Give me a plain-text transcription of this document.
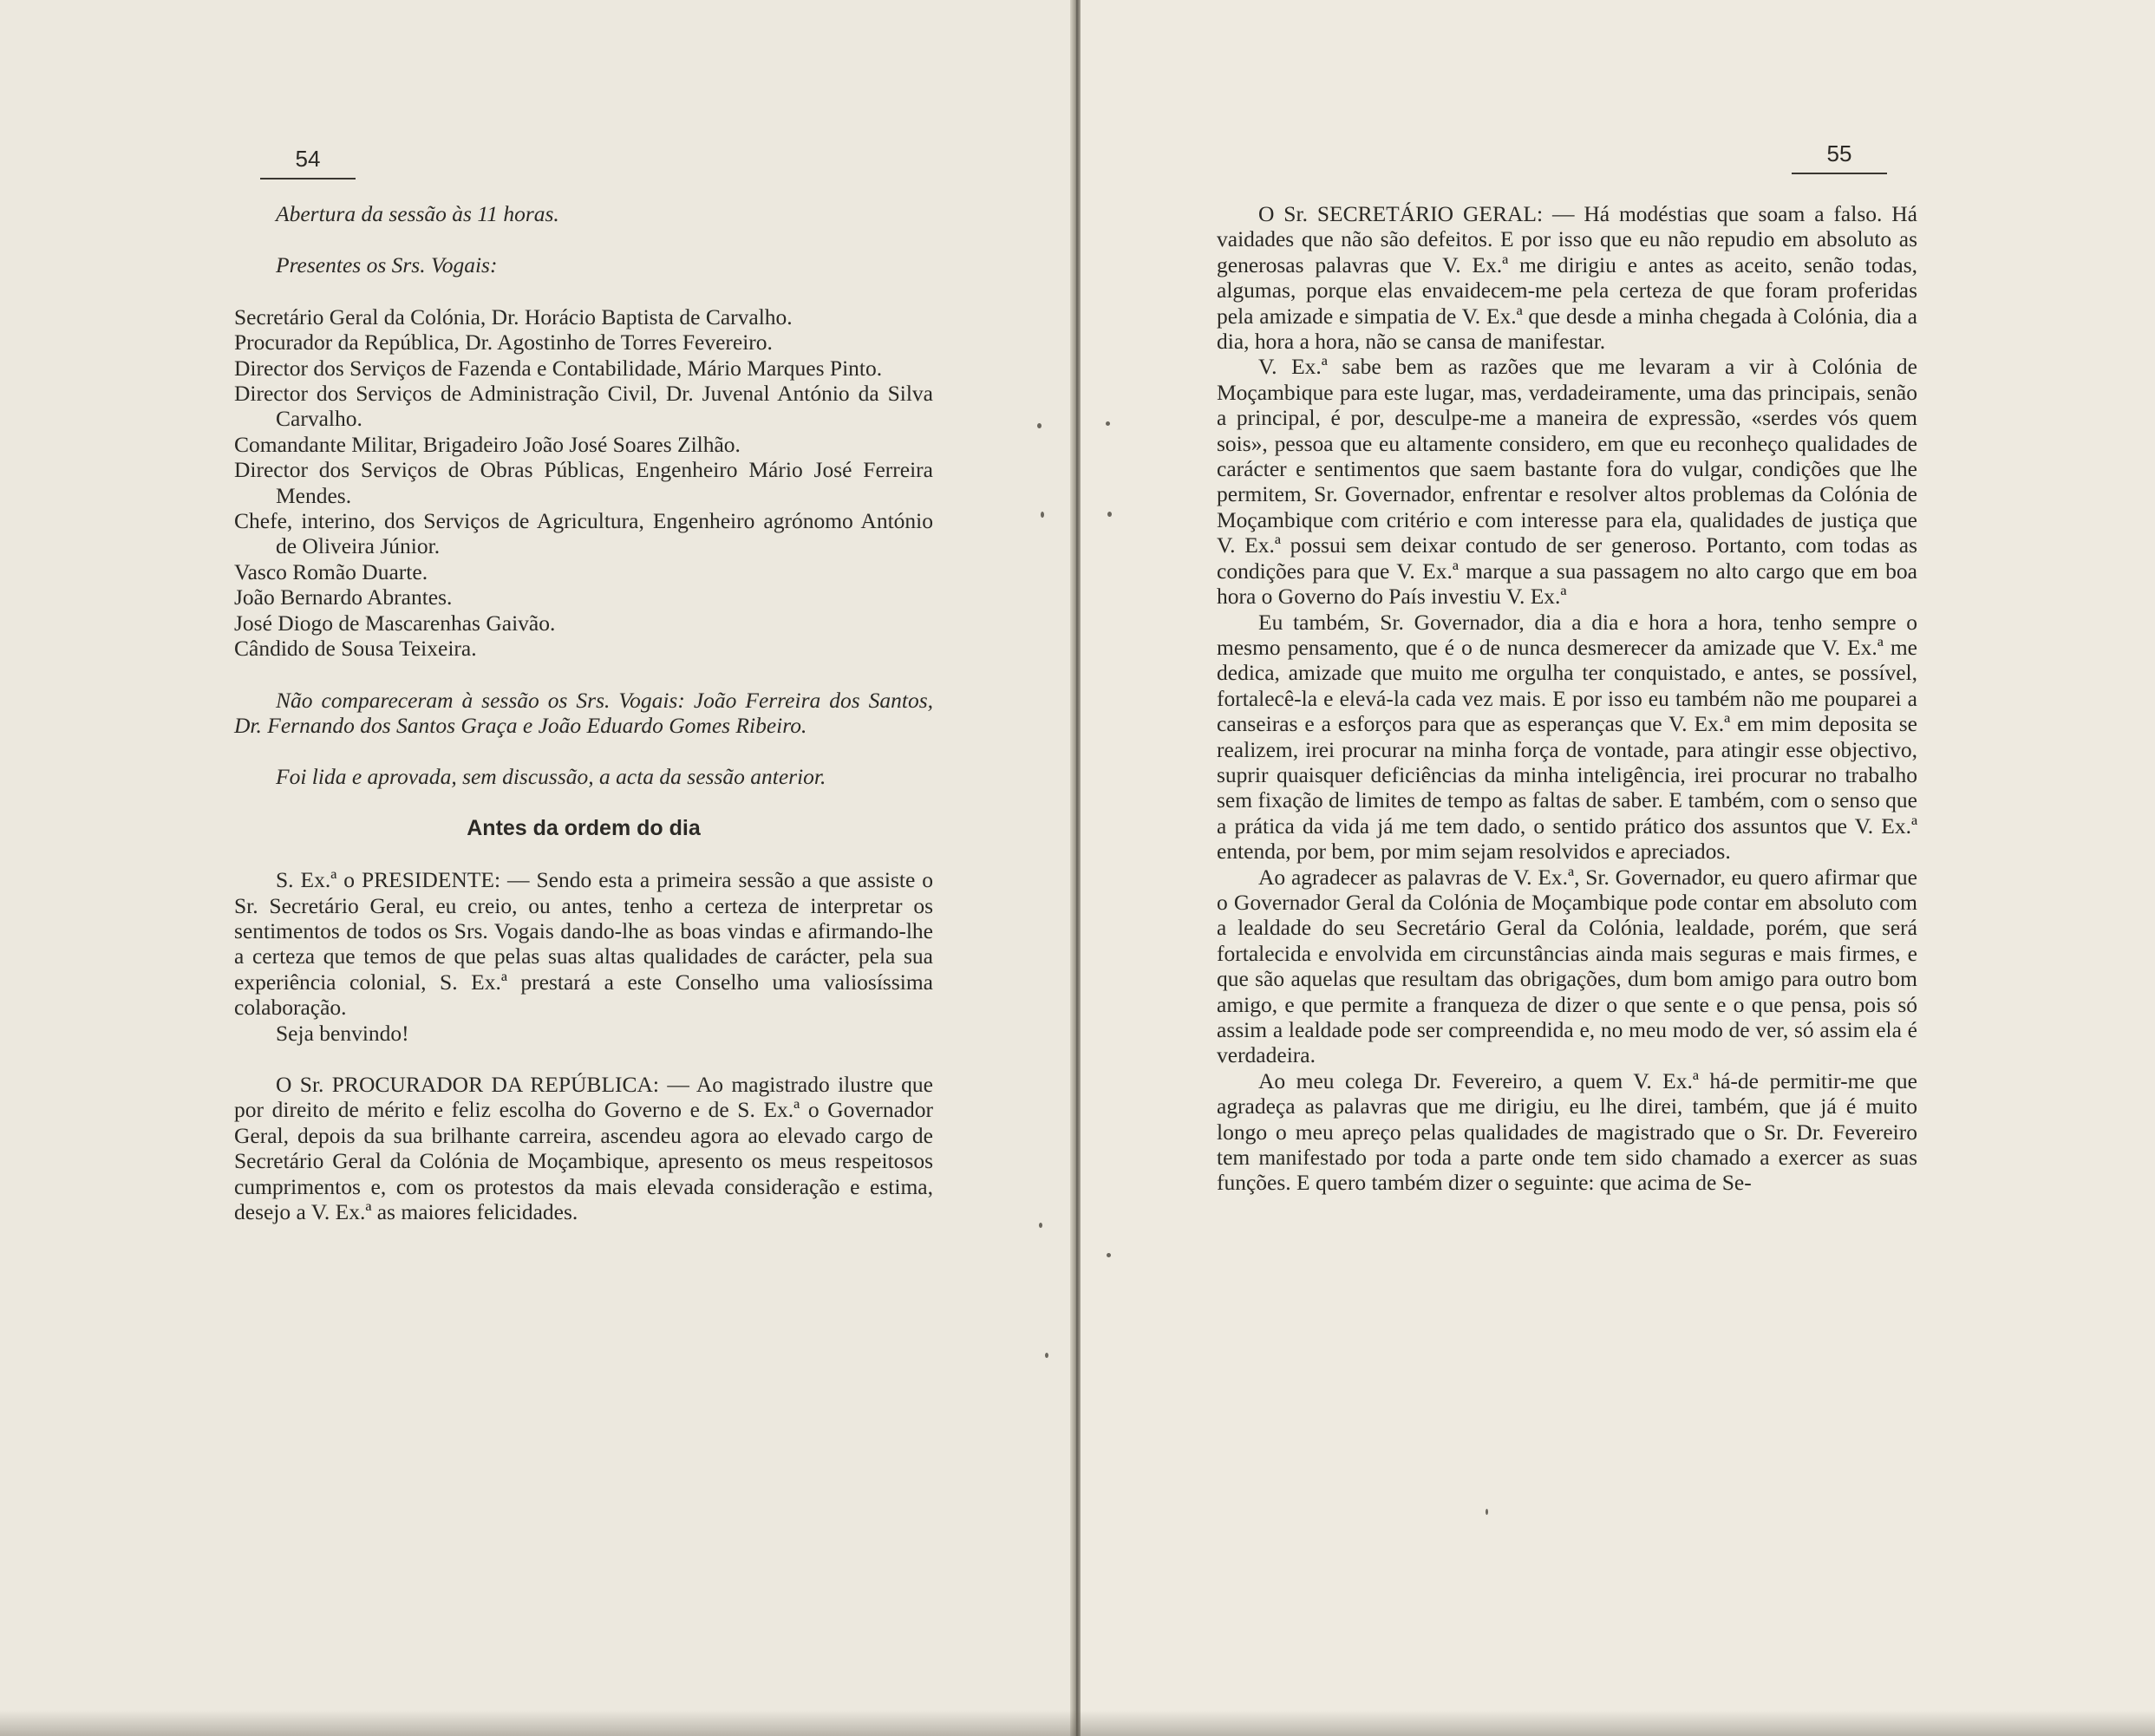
54

Abertura da sessão às 11 horas.

Presentes os Srs. Vogais:

Secretário Geral da Colónia, Dr. Horácio Baptista de Carvalho.

Procurador da República, Dr. Agostinho de Torres Fevereiro.

Director dos Serviços de Fazenda e Contabilidade, Mário Marques Pinto.

Director dos Serviços de Administração Civil, Dr. Juvenal António da Silva Carvalho.

Comandante Militar, Brigadeiro João José Soares Zilhão.

Director dos Serviços de Obras Públicas, Engenheiro Mário José Ferreira Mendes.

Chefe, interino, dos Serviços de Agricultura, Engenheiro agrónomo António de Oliveira Júnior.

Vasco Romão Duarte.

João Bernardo Abrantes.

José Diogo de Mascarenhas Gaivão.

Cândido de Sousa Teixeira.

Não compareceram à sessão os Srs. Vogais: João Ferreira dos Santos, Dr. Fernando dos Santos Graça e João Eduardo Gomes Ribeiro.

Foi lida e aprovada, sem discussão, a acta da sessão anterior.

Antes da ordem do dia

S. Ex.ª o PRESIDENTE: — Sendo esta a primeira sessão a que assiste o Sr. Secretário Geral, eu creio, ou antes, tenho a certeza de interpretar os sentimentos de todos os Srs. Vogais dando-lhe as boas vindas e afirmando-lhe a certeza que temos de que pelas suas altas qualidades de carácter, pela sua experiência colonial, S. Ex.ª prestará a este Conselho uma valiosíssima colaboração.

Seja benvindo!

O Sr. PROCURADOR DA REPÚBLICA: — Ao magistrado ilustre que por direito de mérito e feliz escolha do Governo e de S. Ex.ª o Governador Geral, depois da sua brilhante carreira, ascendeu agora ao elevado cargo de Secretário Geral da Colónia de Moçambique, apresento os meus respeitosos cumprimentos e, com os protestos da mais elevada consideração e estima, desejo a V. Ex.ª as maiores felicidades.

55

O Sr. SECRETÁRIO GERAL: — Há modéstias que soam a falso. Há vaidades que não são defeitos. E por isso que eu não repudio em absoluto as generosas palavras que V. Ex.ª me dirigiu e antes as aceito, senão todas, algumas, porque elas envaidecem-me pela certeza de que foram proferidas pela amizade e simpatia de V. Ex.ª que desde a minha chegada à Colónia, dia a dia, hora a hora, não se cansa de manifestar.

V. Ex.ª sabe bem as razões que me levaram a vir à Colónia de Moçambique para este lugar, mas, verdadeiramente, uma das principais, senão a principal, é por, desculpe-me a maneira de expressão, «serdes vós quem sois», pessoa que eu altamente considero, em que eu reconheço qualidades de carácter e sentimentos que saem bastante fora do vulgar, condições que lhe permitem, Sr. Governador, enfrentar e resolver altos problemas da Colónia de Moçambique com critério e com interesse para ela, qualidades de justiça que V. Ex.ª possui sem deixar contudo de ser generoso. Portanto, com todas as condições para que V. Ex.ª marque a sua passagem no alto cargo que em boa hora o Governo do País investiu V. Ex.ª

Eu também, Sr. Governador, dia a dia e hora a hora, tenho sempre o mesmo pensamento, que é o de nunca desmerecer da amizade que V. Ex.ª me dedica, amizade que muito me orgulha ter conquistado, e antes, se possível, fortalecê-la e elevá-la cada vez mais. E por isso eu também não me pouparei a canseiras e a esforços para que as esperanças que V. Ex.ª em mim deposita se realizem, irei procurar na minha força de vontade, para atingir esse objectivo, suprir quaisquer deficiências da minha inteligência, irei procurar no trabalho sem fixação de limites de tempo as faltas de saber. E também, com o senso que a prática da vida já me tem dado, o sentido prático dos assuntos que V. Ex.ª entenda, por bem, por mim sejam resolvidos e apreciados.

Ao agradecer as palavras de V. Ex.ª, Sr. Governador, eu quero afirmar que o Governador Geral da Colónia de Moçambique pode contar em absoluto com a lealdade do seu Secretário Geral da Colónia, lealdade, porém, que será fortalecida e envolvida em circunstâncias ainda mais seguras e mais firmes, e que são aquelas que resultam das obrigações, dum bom amigo para outro bom amigo, e que permite a franqueza de dizer o que sente e o que pensa, pois só assim a lealdade pode ser compreendida e, no meu modo de ver, só assim ela é verdadeira.

Ao meu colega Dr. Fevereiro, a quem V. Ex.ª há-de permitir-me que agradeça as palavras que me dirigiu, eu lhe direi, também, que já é muito longo o meu apreço pelas qualidades de magistrado que o Sr. Dr. Fevereiro tem manifestado por toda a parte onde tem sido chamado a exercer as suas funções. E quero também dizer o seguinte: que acima de Se-
